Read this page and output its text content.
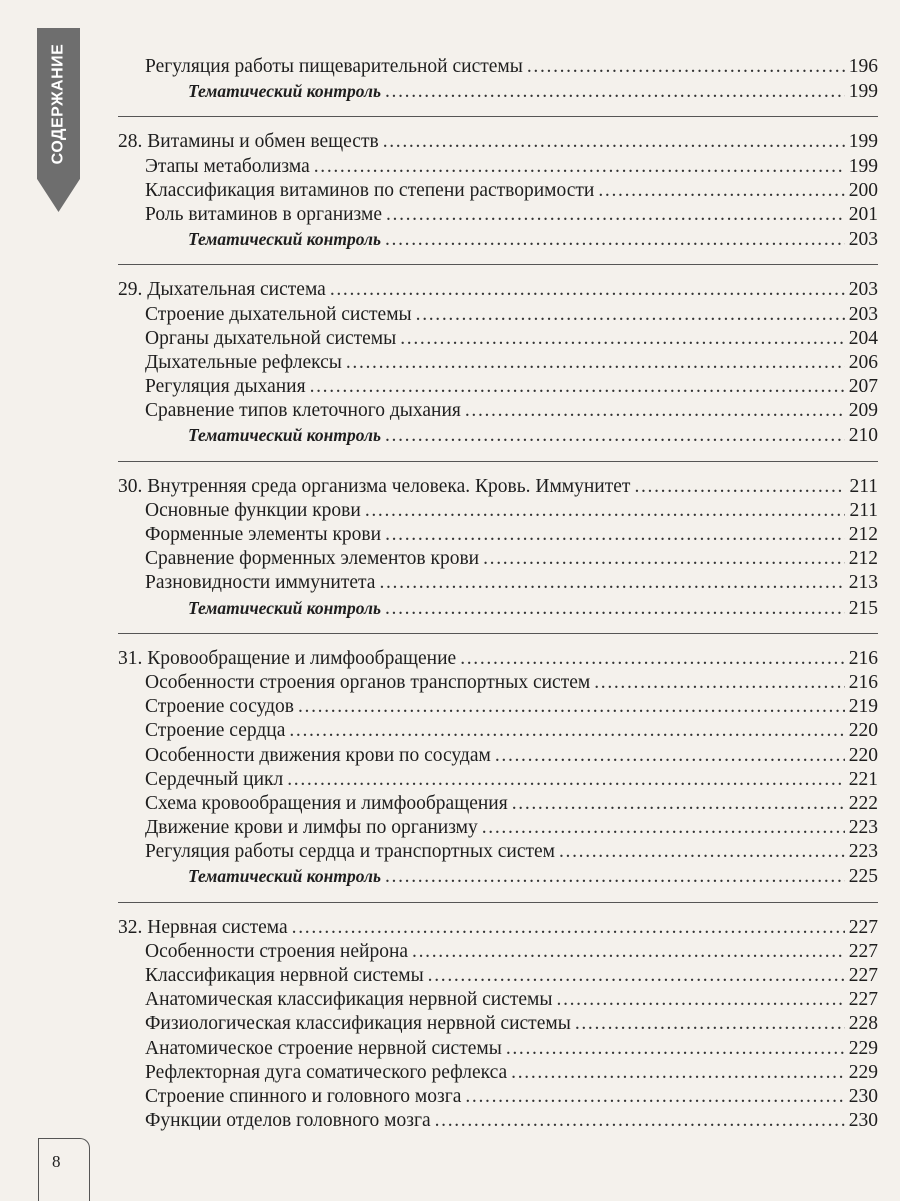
СОДЕРЖАНИЕ	Регуляция работы пищеварительной системы . . .	196
Тематический контроль . . .	199
28. Витамины и обмен веществ . . .	199
Этапы метаболизма . . .	199
Классификация витаминов по степени растворимости . . .	200
Роль витаминов в организме . . .	201
Тематический контроль . . .	203
29. Дыхательная система . . .	203
Строение дыхательной системы . . .	203
Органы дыхательной системы . . .	204
Дыхательные рефлексы . . .	206
Регуляция дыхания . . .	207
Сравнение типов клеточного дыхания . . .	209
Тематический контроль . . .	210
30. Внутренняя среда организма человека. Кровь. Иммунитет . . .	211
Основные функции крови . . .	211
Форменные элементы крови . . .	212
Сравнение форменных элементов крови . . .	212
Разновидности иммунитета . . .	213
Тематический контроль . . .	215
31. Кровообращение и лимфообращение . . .	216
Особенности строения органов транспортных систем . . .	216
Строение сосудов . . .	219
Строение сердца . . .	220
Особенности движения крови по сосудам . . .	220
Сердечный цикл . . .	221
Схема кровообращения и лимфообращения . . .	222
Движение крови и лимфы по организму . . .	223
Регуляция работы сердца и транспортных систем . . .	223
Тематический контроль . . .	225
32. Нервная система . . .	227
Особенности строения нейрона . . .	227
Классификация нервной системы . . .	227
Анатомическая классификация нервной системы . . .	227
Физиологическая классификация нервной системы . . .	228
Анатомическое строение нервной системы . . .	229
Рефлекторная дуга соматического рефлекса . . .	229
Строение спинного и головного мозга . . .	230
Функции отделов головного мозга . . .	230
8
